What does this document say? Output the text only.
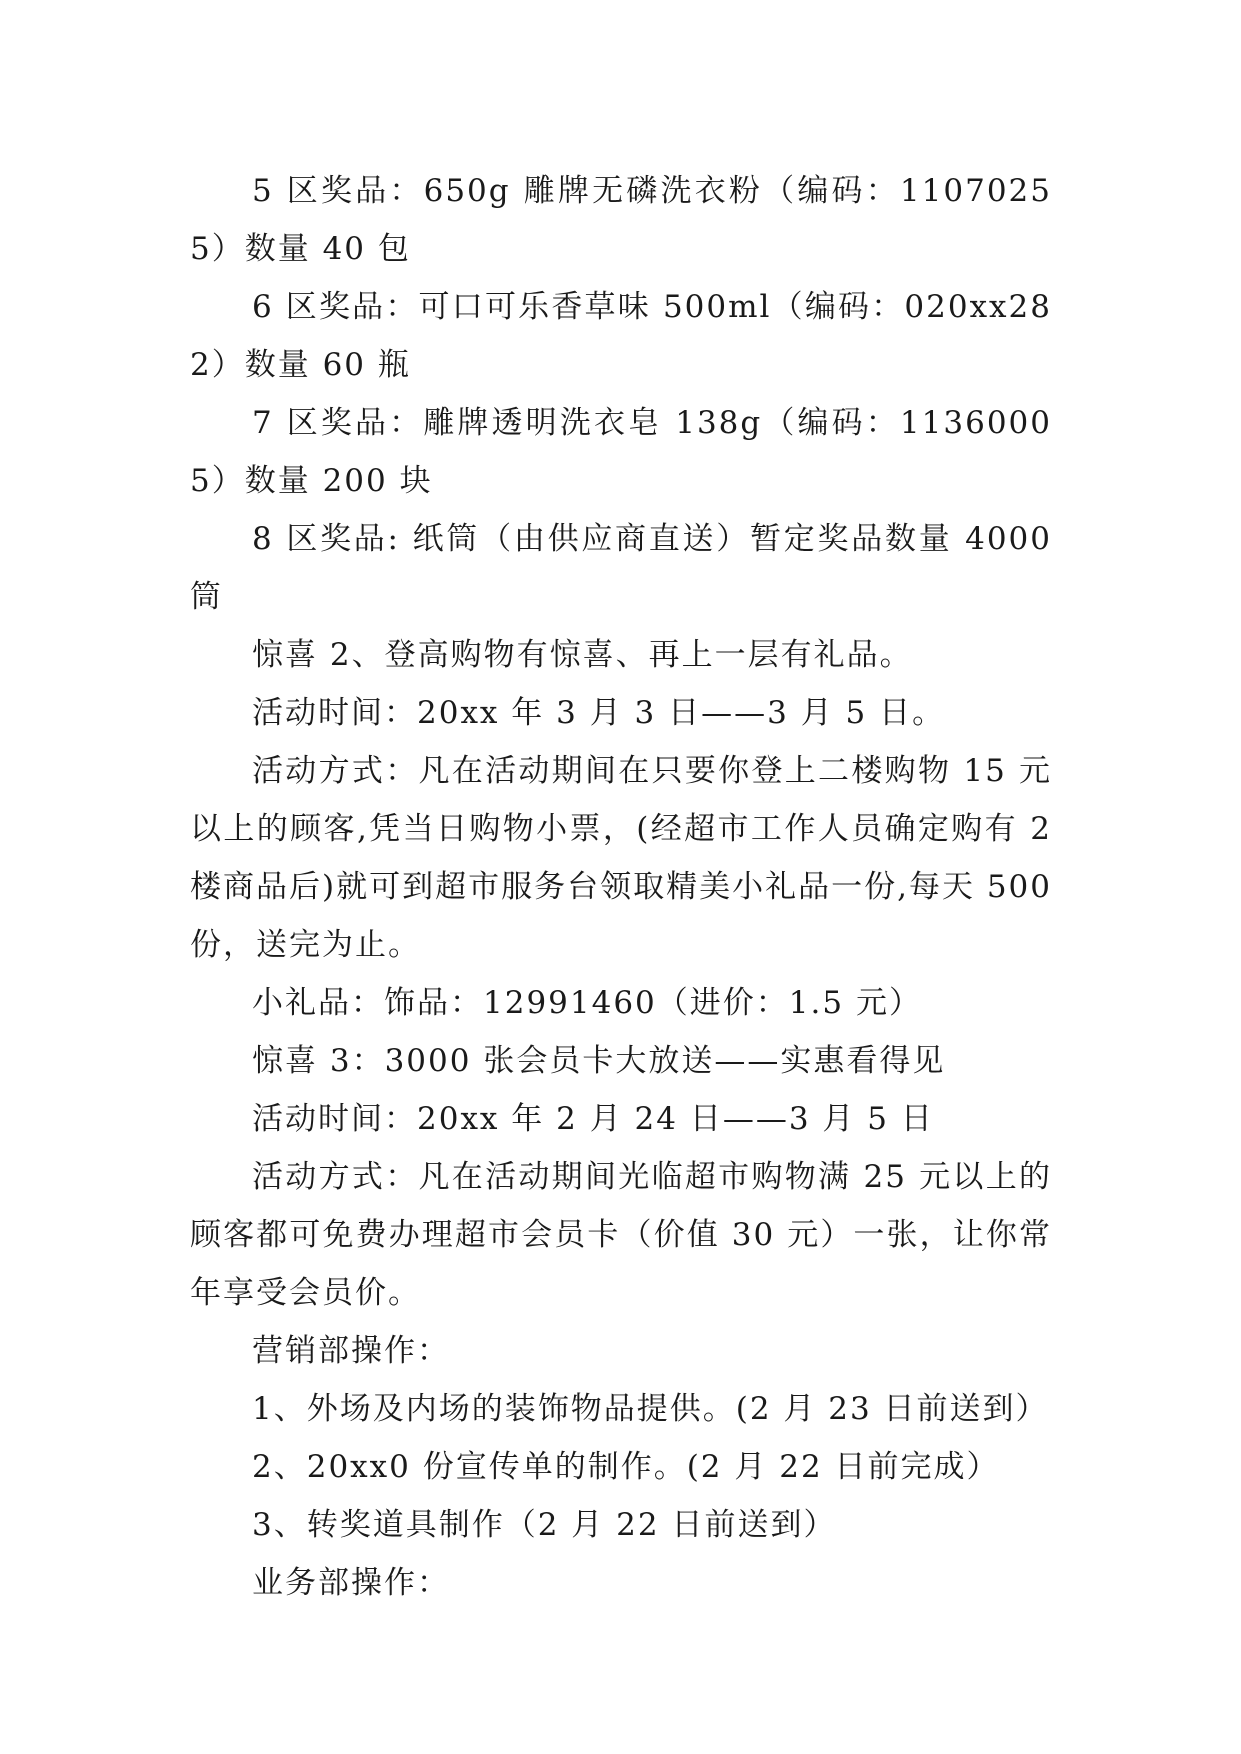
5 区奖品：650g 雕牌无磷洗衣粉（编码：11070255）数量 40 包

6 区奖品：可口可乐香草味 500ml（编码：020xx282）数量 60 瓶

7 区奖品：雕牌透明洗衣皂 138g（编码：11360005）数量 200 块

8 区奖品: 纸筒（由供应商直送）暂定奖品数量 4000 筒

惊喜 2、登高购物有惊喜、再上一层有礼品。

活动时间：20xx 年 3 月 3 日——3 月 5 日。

活动方式：凡在活动期间在只要你登上二楼购物 15 元以上的顾客,凭当日购物小票，(经超市工作人员确定购有 2 楼商品后)就可到超市服务台领取精美小礼品一份,每天 500 份，送完为止。

小礼品：饰品：12991460（进价：1.5 元）

惊喜 3：3000 张会员卡大放送——实惠看得见

活动时间：20xx 年 2 月 24 日——3 月 5 日

活动方式：凡在活动期间光临超市购物满 25 元以上的顾客都可免费办理超市会员卡（价值 30 元）一张，让你常年享受会员价。

营销部操作：

1、外场及内场的装饰物品提供。(2 月 23 日前送到）

2、20xx0 份宣传单的制作。(2 月 22 日前完成）

3、转奖道具制作（2 月 22 日前送到）

业务部操作：
